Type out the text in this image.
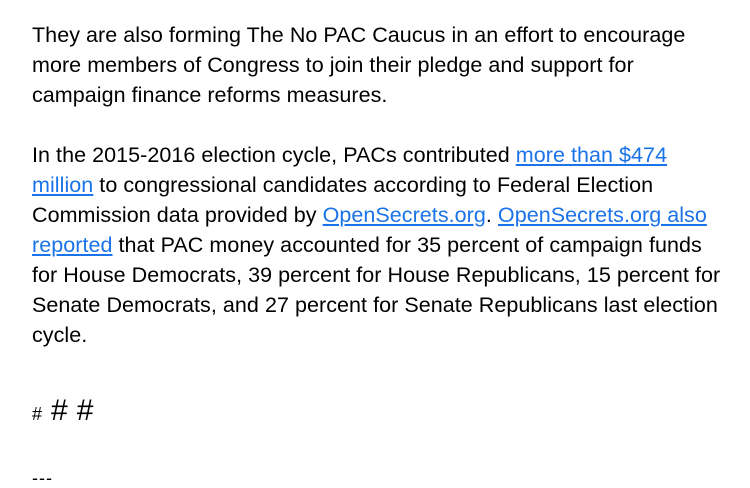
They are also forming The No PAC Caucus in an effort to encourage more members of Congress to join their pledge and support for campaign finance reforms measures.

In the 2015-2016 election cycle, PACs contributed more than $474 million to congressional candidates according to Federal Election Commission data provided by OpenSecrets.org. OpenSecrets.org also reported that PAC money accounted for 35 percent of campaign funds for House Democrats, 39 percent for House Republicans, 15 percent for Senate Democrats, and 27 percent for Senate Republicans last election cycle.

# # #
---
